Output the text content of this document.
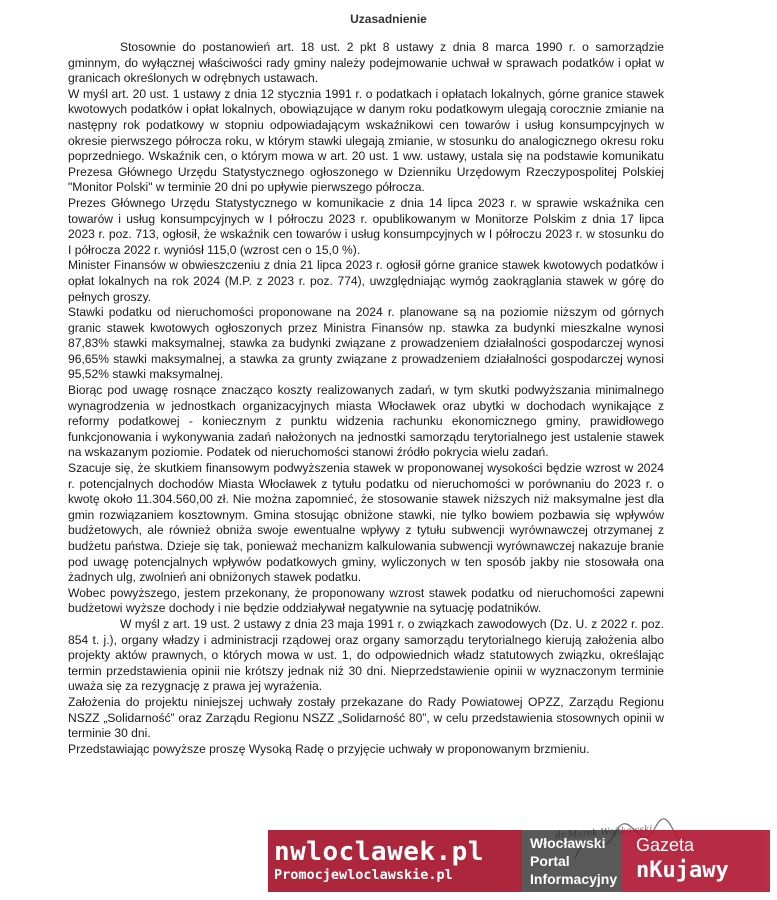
Uzasadnienie

Stosownie do postanowień art. 18 ust. 2 pkt 8 ustawy z dnia 8 marca 1990 r. o samorządzie gminnym, do wyłącznej właściwości rady gminy należy podejmowanie uchwał w sprawach podatków i opłat w granicach określonych w odrębnych ustawach.

W myśl art. 20 ust. 1 ustawy z dnia 12 stycznia 1991 r. o podatkach i opłatach lokalnych, górne granice stawek kwotowych podatków i opłat lokalnych, obowiązujące w danym roku podatkowym ulegają corocznie zmianie na następny rok podatkowy w stopniu odpowiadającym wskaźnikowi cen towarów i usług konsumpcyjnych w okresie pierwszego półrocza roku, w którym stawki ulegają zmianie, w stosunku do analogicznego okresu roku poprzedniego. Wskaźnik cen, o którym mowa w art. 20 ust. 1 ww. ustawy, ustala się na podstawie komunikatu Prezesa Głównego Urzędu Statystycznego ogłoszonego w Dzienniku Urzędowym Rzeczypospolitej Polskiej "Monitor Polski" w terminie 20 dni po upływie pierwszego półrocza.

Prezes Głównego Urzędu Statystycznego w komunikacie z dnia 14 lipca 2023 r. w sprawie wskaźnika cen towarów i usług konsumpcyjnych w I półroczu 2023 r. opublikowanym w Monitorze Polskim z dnia 17 lipca 2023 r. poz. 713, ogłosił, że wskaźnik cen towarów i usług konsumpcyjnych w I półroczu 2023 r. w stosunku do I półrocza 2022 r. wyniósł 115,0 (wzrost cen o 15,0 %).

Minister Finansów w obwieszczeniu z dnia 21 lipca 2023 r. ogłosił górne granice stawek kwotowych podatków i opłat lokalnych na rok 2024 (M.P. z 2023 r. poz. 774), uwzględniając wymóg zaokrąglania stawek w górę do pełnych groszy.

Stawki podatku od nieruchomości proponowane na 2024 r. planowane są na poziomie niższym od górnych granic stawek kwotowych ogłoszonych przez Ministra Finansów np. stawka za budynki mieszkalne wynosi 87,83% stawki maksymalnej, stawka za budynki związane z prowadzeniem działalności gospodarczej wynosi 96,65% stawki maksymalnej, a stawka za grunty związane z prowadzeniem działalności gospodarczej wynosi 95,52% stawki maksymalnej.

Biorąc pod uwagę rosnące znacząco koszty realizowanych zadań, w tym skutki podwyższania minimalnego wynagrodzenia w jednostkach organizacyjnych miasta Włocławek oraz ubytki w dochodach wynikające z reformy podatkowej - koniecznym z punktu widzenia rachunku ekonomicznego gminy, prawidłowego funkcjonowania i wykonywania zadań nałożonych na jednostki samorządu terytorialnego jest ustalenie stawek na wskazanym poziomie. Podatek od nieruchomości stanowi źródło pokrycia wielu zadań.

Szacuje się, że skutkiem finansowym podwyższenia stawek w proponowanej wysokości będzie wzrost w 2024 r. potencjalnych dochodów Miasta Włocławek z tytułu podatku od nieruchomości w porównaniu do 2023 r. o kwotę około 11.304.560,00 zł. Nie można zapomnieć, że stosowanie stawek niższych niż maksymalne jest dla gmin rozwiązaniem kosztownym. Gmina stosując obniżone stawki, nie tylko bowiem pozbawia się wpływów budżetowych, ale również obniża swoje ewentualne wpływy z tytułu subwencji wyrównawczej otrzymanej z budżetu państwa. Dzieje się tak, ponieważ mechanizm kalkulowania subwencji wyrównawczej nakazuje branie pod uwagę potencjalnych wpływów podatkowych gminy, wyliczonych w ten sposób jakby nie stosowała ona żadnych ulg, zwolnień ani obniżonych stawek podatku.

Wobec powyższego, jestem przekonany, że proponowany wzrost stawek podatku od nieruchomości zapewni budżetowi wyższe dochody i nie będzie oddziaływał negatywnie na sytuację podatników.

W myśl z art. 19 ust. 2 ustawy z dnia 23 maja 1991 r. o związkach zawodowych (Dz. U. z 2022 r. poz. 854 t. j.), organy władzy i administracji rządowej oraz organy samorządu terytorialnego kierują założenia albo projekty aktów prawnych, o których mowa w ust. 1, do odpowiednich władz statutowych związku, określając termin przedstawienia opinii nie krótszy jednak niż 30 dni. Nieprzedstawienie opinii w wyznaczonym terminie uważa się za rezygnację z prawa jej wyrażenia.

Założenia do projektu niniejszej uchwały zostały przekazane do Rady Powiatowej OPZZ, Zarządu Regionu NSZZ „Solidarność” oraz Zarządu Regionu NSZZ „Solidarność 80”, w celu przedstawienia stosownych opinii w terminie 30 dni.

Przedstawiając powyższe proszę Wysoką Radę o przyjęcie uchwały w proponowanym brzmieniu.

nwloclawek.pl
Promocjewloclawskie.pl
Włocławski
Portal
Informacyjny
Gazeta
nKujawy
